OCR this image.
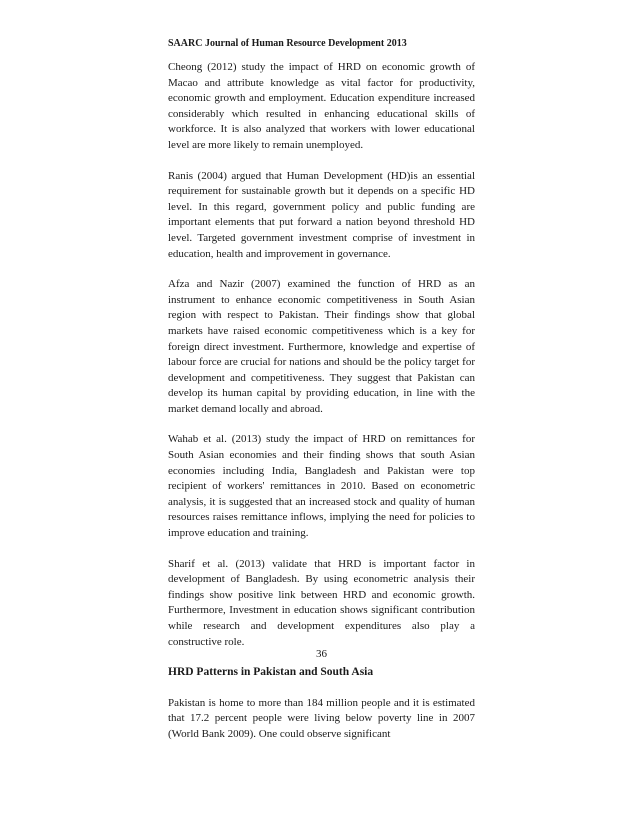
SAARC Journal of Human Resource Development 2013

Cheong (2012) study the impact of HRD on economic growth of Macao and attribute knowledge as vital factor for productivity, economic growth and employment. Education expenditure increased considerably which resulted in enhancing educational skills of workforce. It is also analyzed that workers with lower educational level are more likely to remain unemployed.

Ranis (2004) argued that Human Development (HD)is an essential requirement for sustainable growth but it depends on a specific HD level. In this regard, government policy and public funding are important elements that put forward a nation beyond threshold HD level. Targeted government investment comprise of investment in education, health and improvement in governance.

Afza and Nazir (2007) examined the function of HRD as an instrument to enhance economic competitiveness in South Asian region with respect to Pakistan. Their findings show that global markets have raised economic competitiveness which is a key for foreign direct investment. Furthermore, knowledge and expertise of labour force are crucial for nations and should be the policy target for development and competitiveness. They suggest that Pakistan can develop its human capital by providing education, in line with the market demand locally and abroad.

Wahab et al. (2013) study the impact of HRD on remittances for South Asian economies and their finding shows that south Asian economies including India, Bangladesh and Pakistan were top recipient of workers' remittances in 2010. Based on econometric analysis, it is suggested that an increased stock and quality of human resources raises remittance inflows, implying the need for policies to improve education and training.

Sharif et al. (2013) validate that HRD is important factor in development of Bangladesh. By using econometric analysis their findings show positive link between HRD and economic growth. Furthermore, Investment in education shows significant contribution while research and development expenditures also play a constructive role.

HRD Patterns in Pakistan and South Asia

Pakistan is home to more than 184 million people and it is estimated that 17.2 percent people were living below poverty line in 2007 (World Bank 2009). One could observe significant

36
